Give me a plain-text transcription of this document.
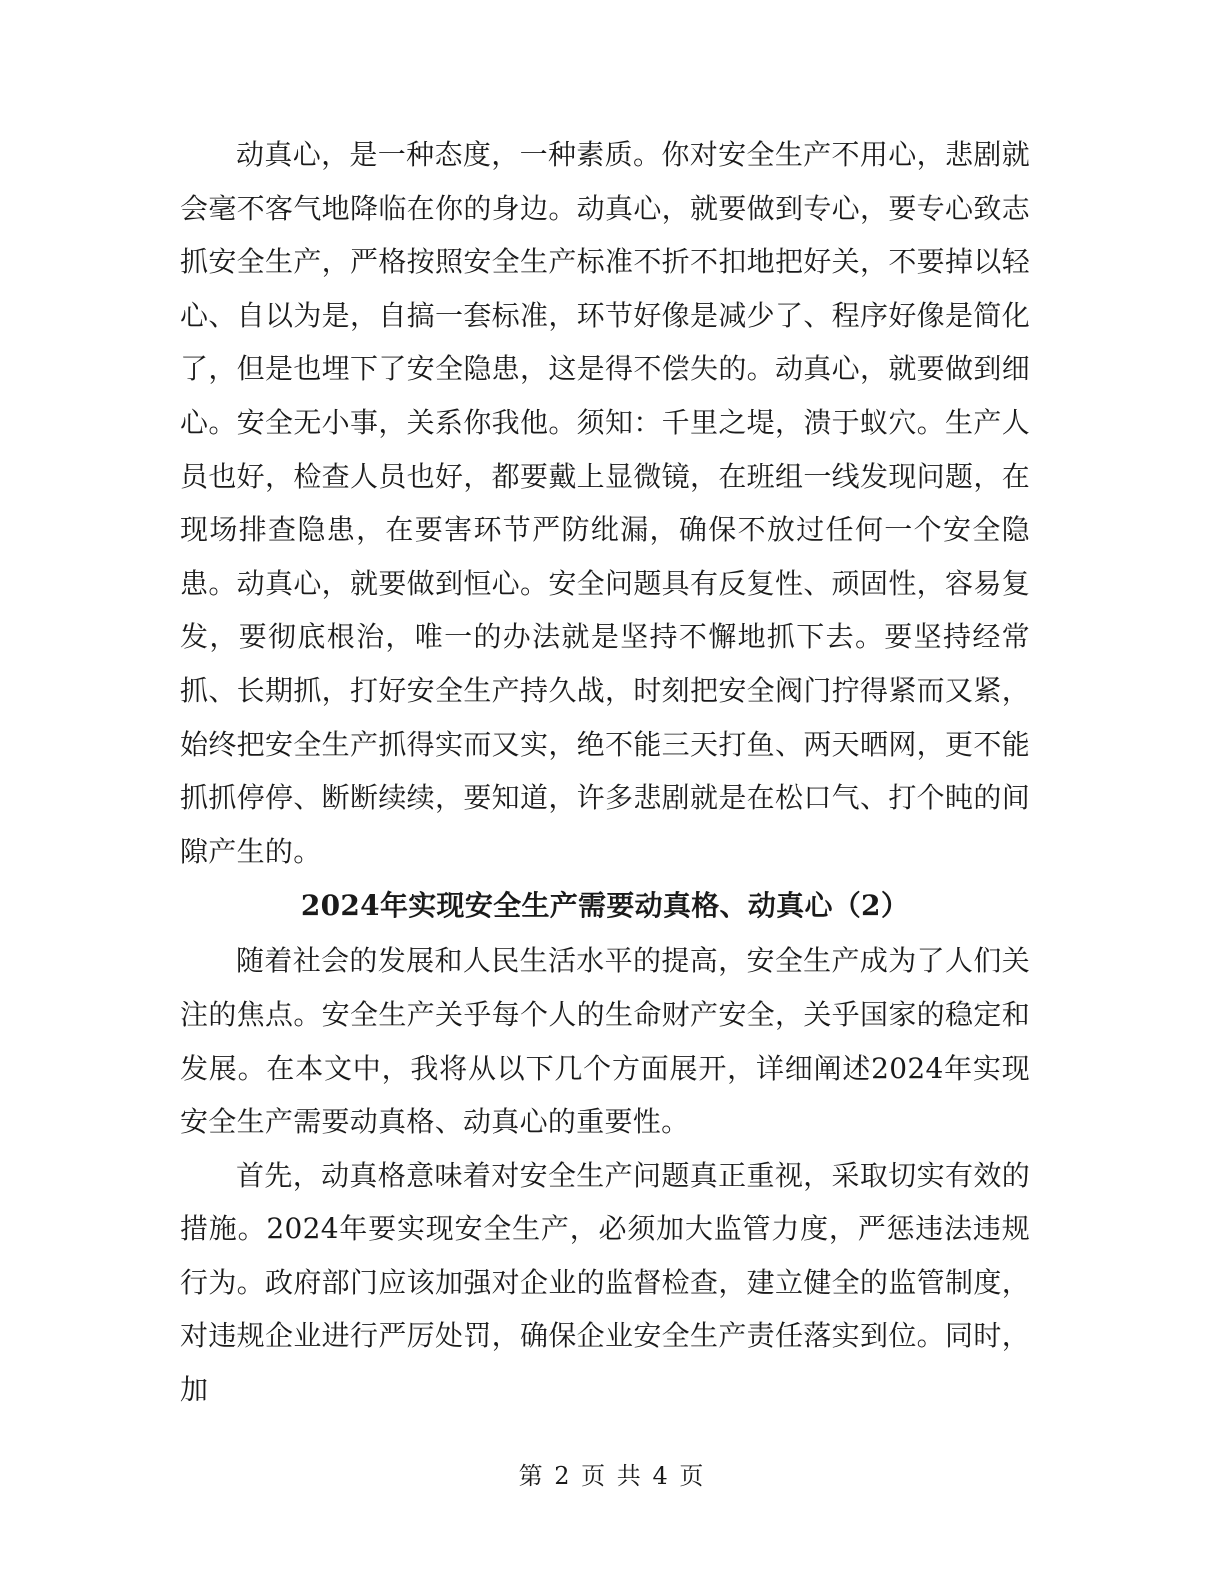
动真心，是一种态度，一种素质。你对安全生产不用心，悲剧就会毫不客气地降临在你的身边。动真心，就要做到专心，要专心致志抓安全生产，严格按照安全生产标准不折不扣地把好关，不要掉以轻心、自以为是，自搞一套标准，环节好像是减少了、程序好像是简化了，但是也埋下了安全隐患，这是得不偿失的。动真心，就要做到细心。安全无小事，关系你我他。须知：千里之堤，溃于蚁穴。生产人员也好，检查人员也好，都要戴上显微镜，在班组一线发现问题，在现场排查隐患，在要害环节严防纰漏，确保不放过任何一个安全隐患。动真心，就要做到恒心。安全问题具有反复性、顽固性，容易复发，要彻底根治，唯一的办法就是坚持不懈地抓下去。要坚持经常抓、长期抓，打好安全生产持久战，时刻把安全阀门拧得紧而又紧，始终把安全生产抓得实而又实，绝不能三天打鱼、两天晒网，更不能抓抓停停、断断续续，要知道，许多悲剧就是在松口气、打个盹的间隙产生的。

2024年实现安全生产需要动真格、动真心（2）

随着社会的发展和人民生活水平的提高，安全生产成为了人们关注的焦点。安全生产关乎每个人的生命财产安全，关乎国家的稳定和发展。在本文中，我将从以下几个方面展开，详细阐述2024年实现安全生产需要动真格、动真心的重要性。

首先，动真格意味着对安全生产问题真正重视，采取切实有效的措施。2024年要实现安全生产，必须加大监管力度，严惩违法违规行为。政府部门应该加强对企业的监督检查，建立健全的监管制度，对违规企业进行严厉处罚，确保企业安全生产责任落实到位。同时，加

第 2 页 共 4 页
